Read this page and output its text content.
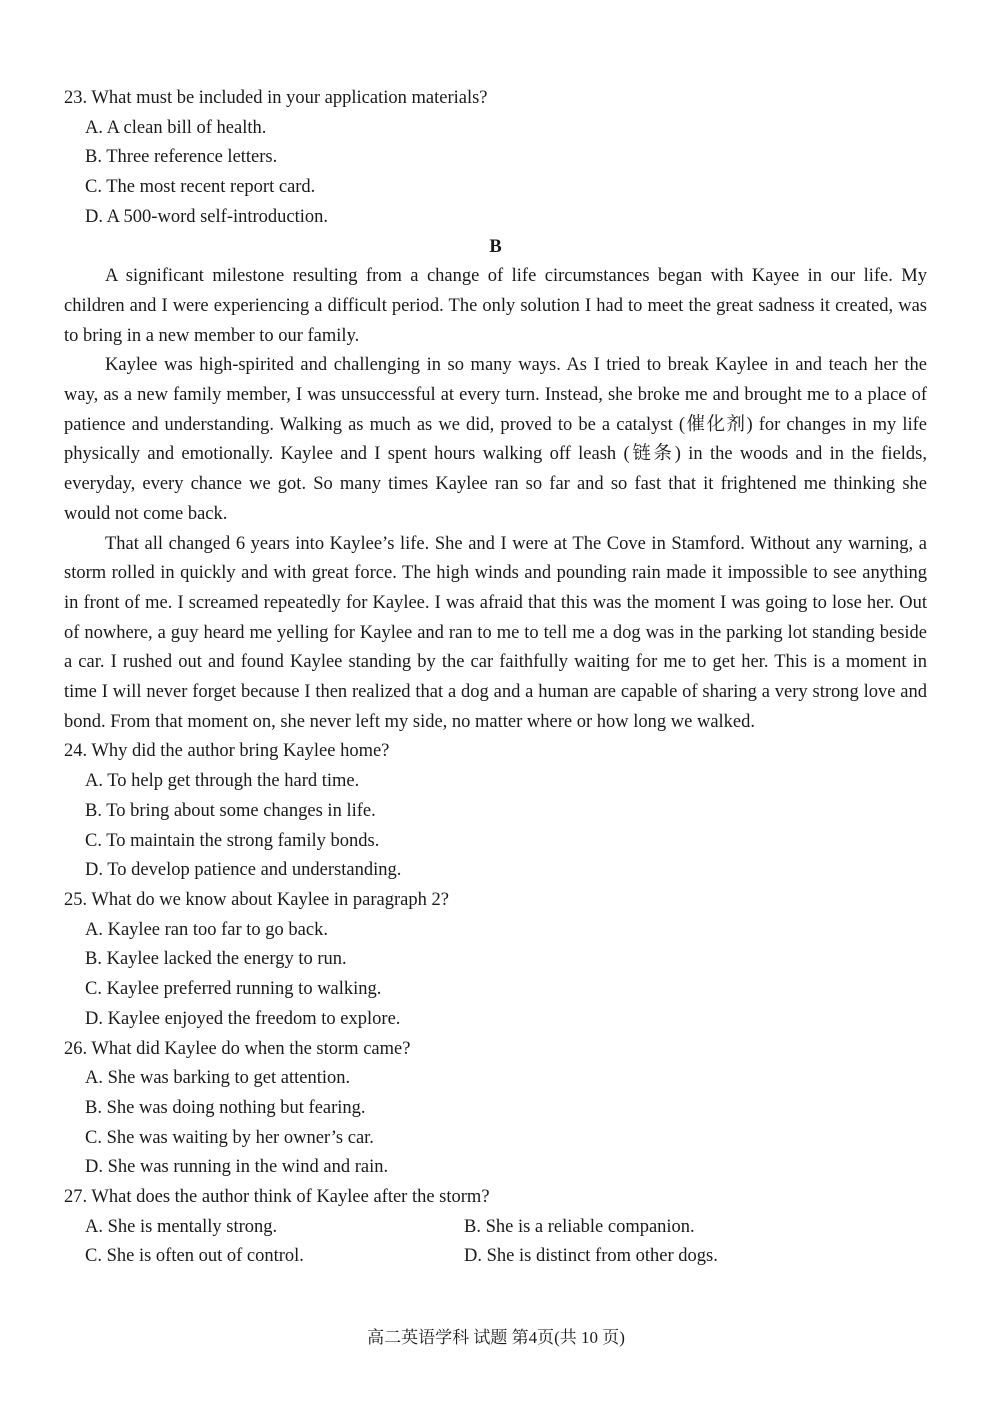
23. What must be included in your application materials?
A. A clean bill of health.
B. Three reference letters.
C. The most recent report card.
D. A 500-word self-introduction.
B

A significant milestone resulting from a change of life circumstances began with Kayee in our life. My children and I were experiencing a difficult period. The only solution I had to meet the great sadness it created, was to bring in a new member to our family.

Kaylee was high-spirited and challenging in so many ways. As I tried to break Kaylee in and teach her the way, as a new family member, I was unsuccessful at every turn. Instead, she broke me and brought me to a place of patience and understanding. Walking as much as we did, proved to be a catalyst (催化剂) for changes in my life physically and emotionally. Kaylee and I spent hours walking off leash (链条) in the woods and in the fields, everyday, every chance we got. So many times Kaylee ran so far and so fast that it frightened me thinking she would not come back.

That all changed 6 years into Kaylee’s life. She and I were at The Cove in Stamford. Without any warning, a storm rolled in quickly and with great force. The high winds and pounding rain made it impossible to see anything in front of me. I screamed repeatedly for Kaylee. I was afraid that this was the moment I was going to lose her. Out of nowhere, a guy heard me yelling for Kaylee and ran to me to tell me a dog was in the parking lot standing beside a car. I rushed out and found Kaylee standing by the car faithfully waiting for me to get her. This is a moment in time I will never forget because I then realized that a dog and a human are capable of sharing a very strong love and bond. From that moment on, she never left my side, no matter where or how long we walked.

24. Why did the author bring Kaylee home?
A. To help get through the hard time.
B. To bring about some changes in life.
C. To maintain the strong family bonds.
D. To develop patience and understanding.
25. What do we know about Kaylee in paragraph 2?
A. Kaylee ran too far to go back.
B. Kaylee lacked the energy to run.
C. Kaylee preferred running to walking.
D. Kaylee enjoyed the freedom to explore.
26. What did Kaylee do when the storm came?
A. She was barking to get attention.
B. She was doing nothing but fearing.
C. She was waiting by her owner’s car.
D. She was running in the wind and rain.
27. What does the author think of Kaylee after the storm?
A. She is mentally strong.	B. She is a reliable companion.
C. She is often out of control.	D. She is distinct from other dogs.
高二英语学科 试题 第4页(共 10 页)
